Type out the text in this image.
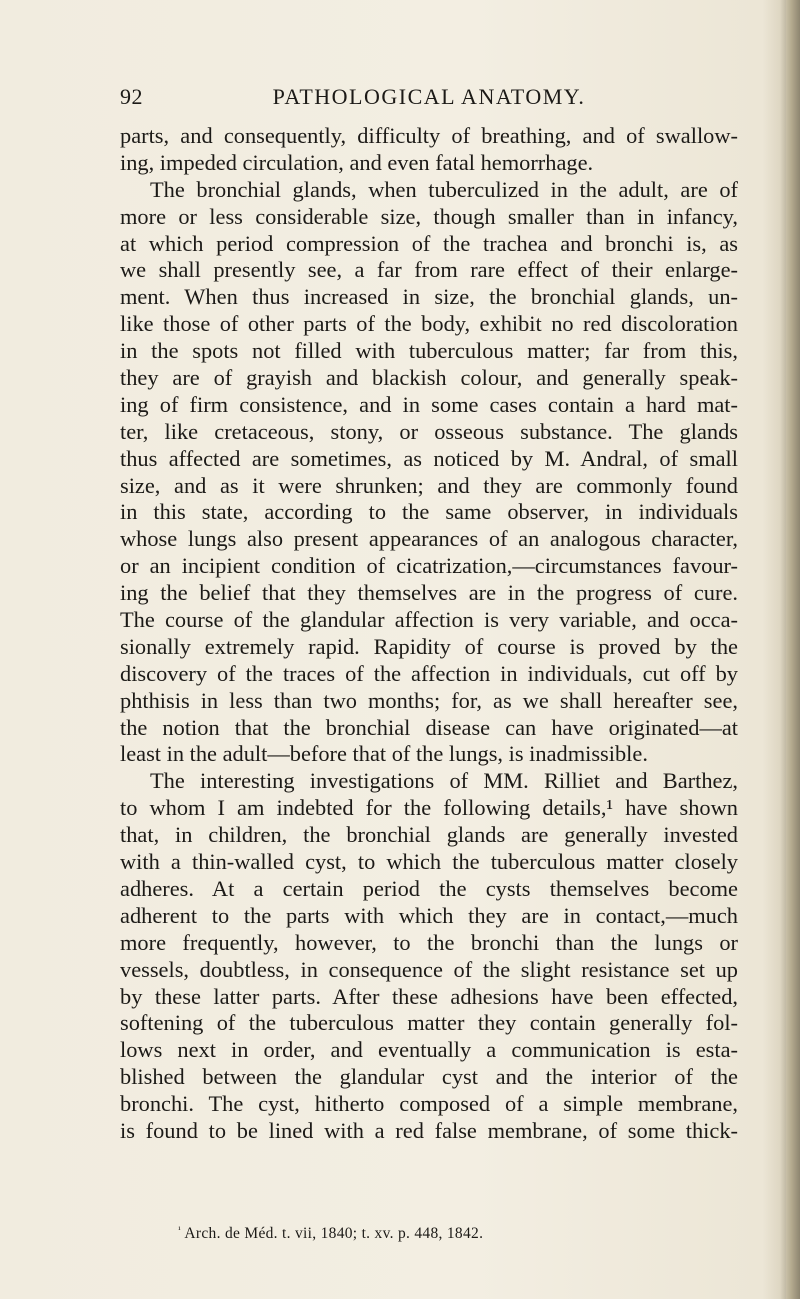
92	PATHOLOGICAL ANATOMY.
parts, and consequently, difficulty of breathing, and of swallow-
ing, impeded circulation, and even fatal hemorrhage.
The bronchial glands, when tuberculized in the adult, are of
more or less considerable size, though smaller than in infancy,
at which period compression of the trachea and bronchi is, as
we shall presently see, a far from rare effect of their enlarge-
ment. When thus increased in size, the bronchial glands, un-
like those of other parts of the body, exhibit no red discoloration
in the spots not filled with tuberculous matter; far from this,
they are of grayish and blackish colour, and generally speak-
ing of firm consistence, and in some cases contain a hard mat-
ter, like cretaceous, stony, or osseous substance. The glands
thus affected are sometimes, as noticed by M. Andral, of small
size, and as it were shrunken; and they are commonly found
in this state, according to the same observer, in individuals
whose lungs also present appearances of an analogous character,
or an incipient condition of cicatrization,—circumstances favour-
ing the belief that they themselves are in the progress of cure.
The course of the glandular affection is very variable, and occa-
sionally extremely rapid. Rapidity of course is proved by the
discovery of the traces of the affection in individuals, cut off by
phthisis in less than two months; for, as we shall hereafter see,
the notion that the bronchial disease can have originated—at
least in the adult—before that of the lungs, is inadmissible.
The interesting investigations of MM. Rilliet and Barthez,
to whom I am indebted for the following details,¹ have shown
that, in children, the bronchial glands are generally invested
with a thin-walled cyst, to which the tuberculous matter closely
adheres. At a certain period the cysts themselves become
adherent to the parts with which they are in contact,—much
more frequently, however, to the bronchi than the lungs or
vessels, doubtless, in consequence of the slight resistance set up
by these latter parts. After these adhesions have been effected,
softening of the tuberculous matter they contain generally fol-
lows next in order, and eventually a communication is esta-
blished between the glandular cyst and the interior of the
bronchi. The cyst, hitherto composed of a simple membrane,
is found to be lined with a red false membrane, of some thick-
$^{^1}$ Arch. de Méd. t. vii, 1840; t. xv. p. 448, 1842.
